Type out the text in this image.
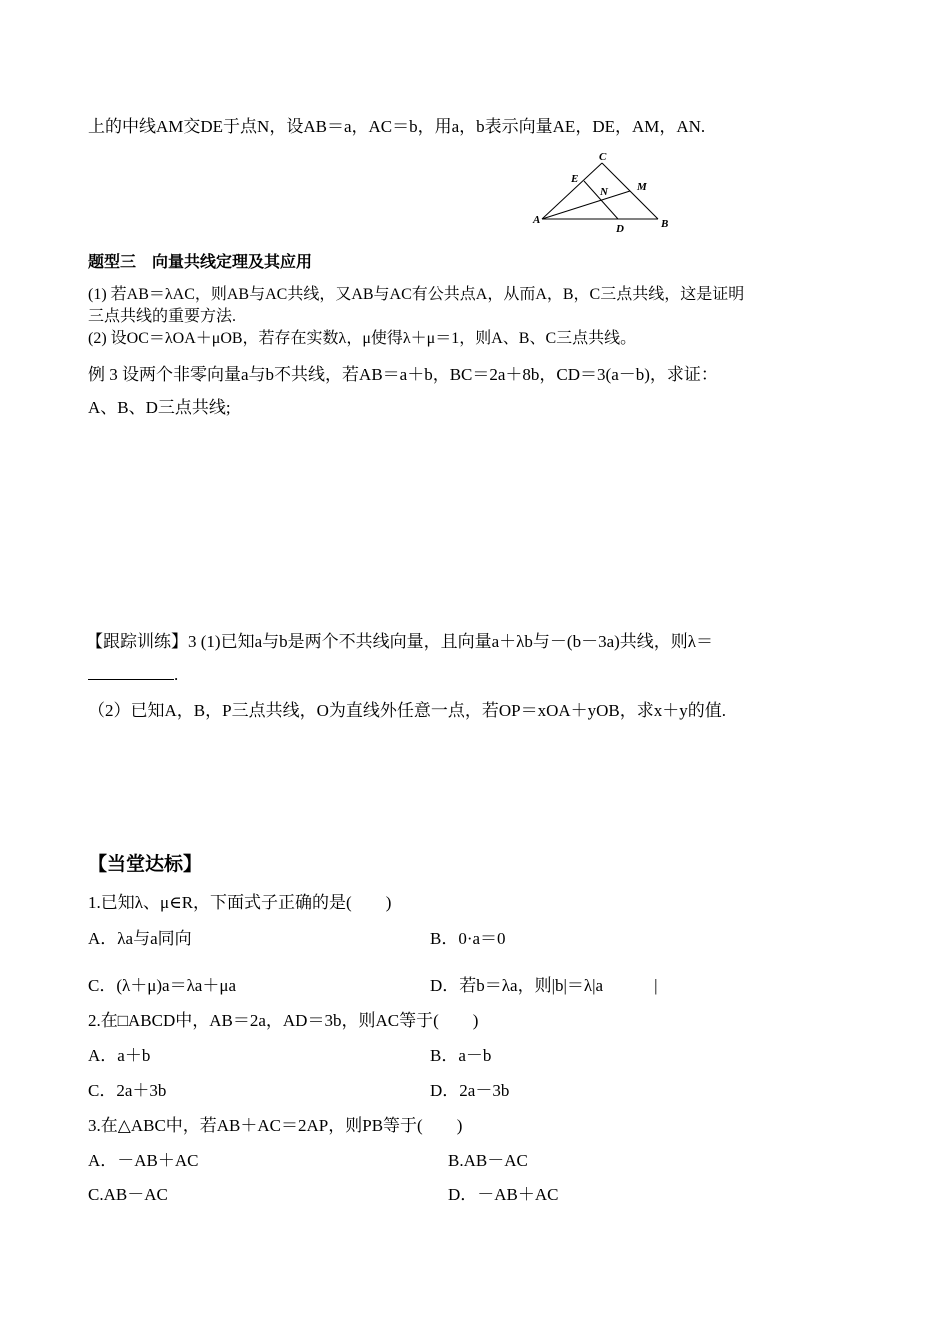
上的中线AM交DE于点N，设AB＝a，AC＝b，用a，b表示向量AE，DE，AM，AN.
C
E
N	M
A
D	B
题型三　向量共线定理及其应用
(1) 若AB＝λAC，则AB与AC共线，又AB与AC有公共点A，从而A，B，C三点共线，这是证明
三点共线的重要方法.
(2) 设OC＝λOA＋μOB，若存在实数λ，μ使得λ＋μ＝1，则A、B、C三点共线。
例 3 设两个非零向量a与b不共线，若AB＝a＋b，BC＝2a＋8b，CD＝3(a－b)，求证：
A、B、D三点共线;
【跟踪训练】3 (1)已知a与b是两个不共线向量，且向量a＋λb与－(b－3a)共线，则λ＝
.
（2）已知A，B，P三点共线，O为直线外任意一点，若OP＝xOA＋yOB，求x＋y的值.
【当堂达标】
1.已知λ、μ∈R，下面式子正确的是(　　)
A．λa与a同向	B．0·a＝0
C．(λ＋μ)a＝λa＋μa	D．若b＝λa，则|b|＝λ|a　　　|
2.在□ABCD中，AB＝2a，AD＝3b，则AC等于(　　)
A．a＋b	B．a－b
C．2a＋3b	D．2a－3b
3.在△ABC中，若AB＋AC＝2AP，则PB等于(　　)
A．－AB＋AC	B.AB－AC
C.AB－AC	D．－AB＋AC
